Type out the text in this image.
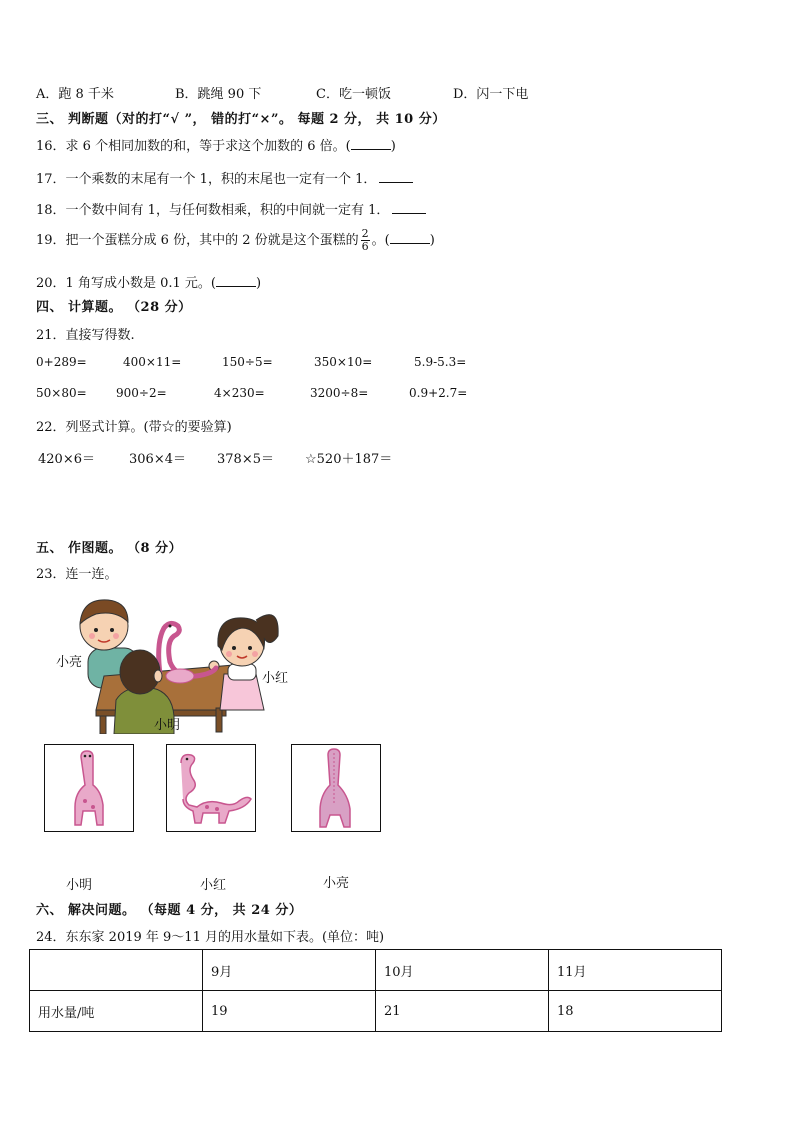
A．跑 8 千米	B．跳绳 90 下	C．吃一顿饭	D．闪一下电
三、 判断题（对的打“√ ”， 错的打“×”。 每题 2 分， 共 10 分）
16．求 6 个相同加数的和，等于求这个加数的 6 倍。(	)
17．一个乘数的末尾有一个 1，积的末尾也一定有一个 1．
18．一个数中间有 1，与任何数相乘，积的中间就一定有 1．
19．把一个蛋糕分成 6 份，其中的 2 份就是这个蛋糕的 $\frac{2}{6}$ 。(	)
20．1 角写成小数是 0.1 元。(	)
四、 计算题。 （28 分）
21．直接写得数.
0+289=	400×11=	150÷5=	350×10=	5.9-5.3=
50×80= 900÷2=	4×230=	3200÷8=	0.9+2.7=
22．列竖式计算。(带☆的要验算)
420×6＝	306×4＝ 378×5＝ ☆520＋187＝
五、 作图题。 （8 分）
23．连一连。
小亮
小红
小明
小明	小红	小亮
六、 解决问题。 （每题 4 分， 共 24 分）
24．东东家 2019 年 9～11 月的用水量如下表。(单位：吨)
	9月	10月	11月
用水量/吨	19	21	18
